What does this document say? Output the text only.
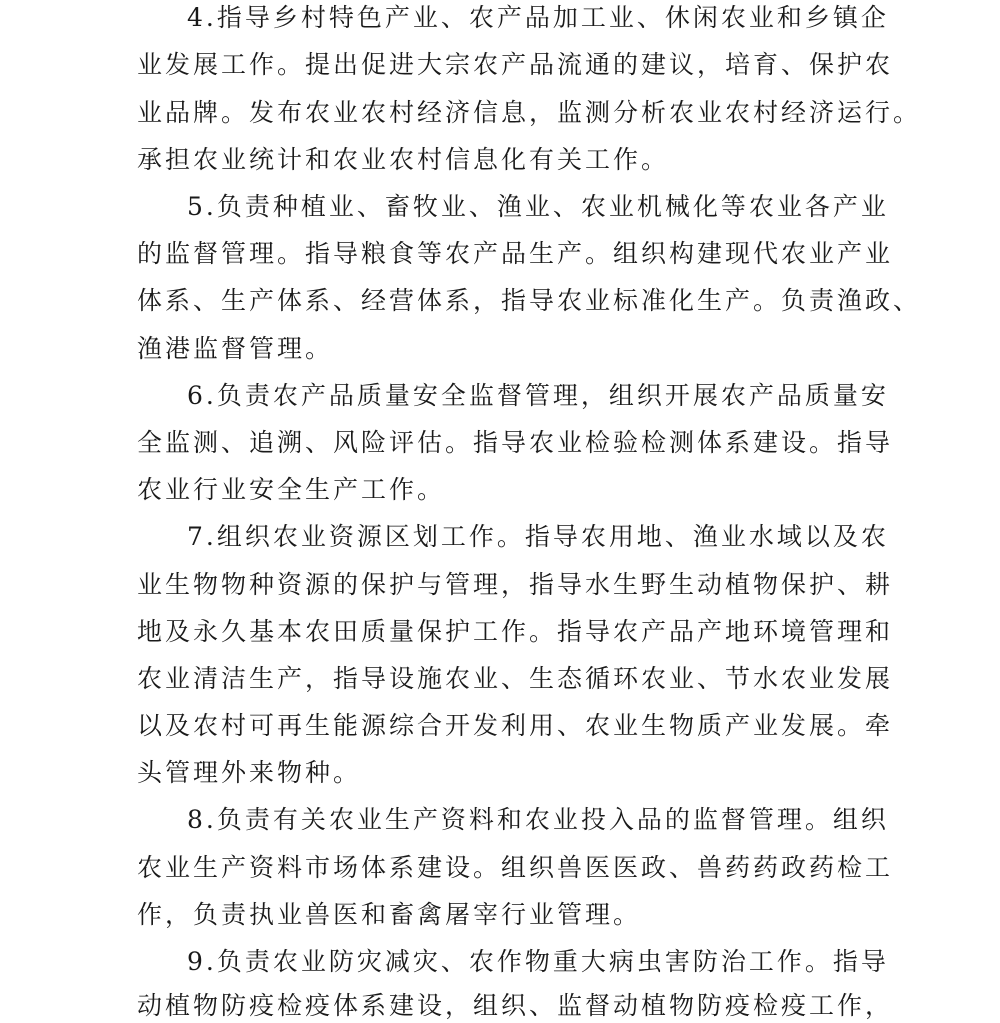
4.指导乡村特色产业、农产品加工业、休闲农业和乡镇企
业发展工作。提出促进大宗农产品流通的建议，培育、保护农
业品牌。发布农业农村经济信息，监测分析农业农村经济运行。
承担农业统计和农业农村信息化有关工作。
5.负责种植业、畜牧业、渔业、农业机械化等农业各产业
的监督管理。指导粮食等农产品生产。组织构建现代农业产业
体系、生产体系、经营体系，指导农业标准化生产。负责渔政、
渔港监督管理。
6.负责农产品质量安全监督管理，组织开展农产品质量安
全监测、追溯、风险评估。指导农业检验检测体系建设。指导
农业行业安全生产工作。
7.组织农业资源区划工作。指导农用地、渔业水域以及农
业生物物种资源的保护与管理，指导水生野生动植物保护、耕
地及永久基本农田质量保护工作。指导农产品产地环境管理和
农业清洁生产，指导设施农业、生态循环农业、节水农业发展
以及农村可再生能源综合开发利用、农业生物质产业发展。牵
头管理外来物种。
8.负责有关农业生产资料和农业投入品的监督管理。组织
农业生产资料市场体系建设。组织兽医医政、兽药药政药检工
作，负责执业兽医和畜禽屠宰行业管理。
9.负责农业防灾减灾、农作物重大病虫害防治工作。指导
动植物防疫检疫体系建设，组织、监督动植物防疫检疫工作，
